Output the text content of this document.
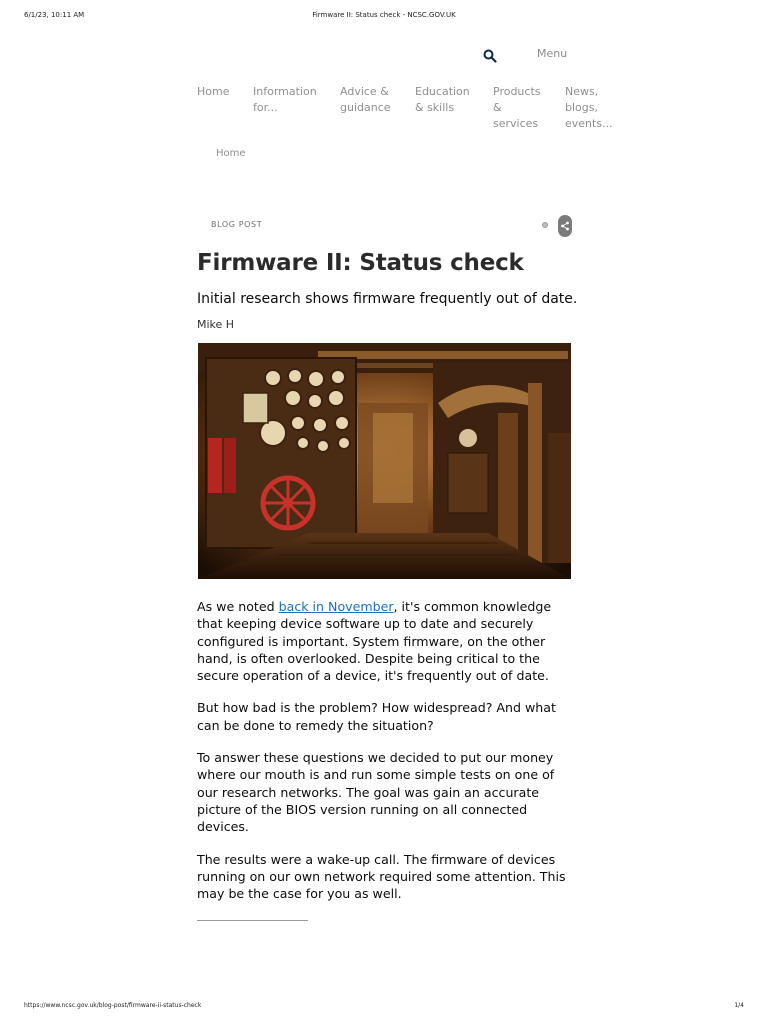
6/1/23, 10:11 AM	Firmware II: Status check - NCSC.GOV.UK
Menu
Home Information
for...
Advice &
guidance
Education
& skills
Products
&
services
News,
blogs,
events...
Home
BLOG POST
Firmware II: Status check
Initial research shows firmware frequently out of date.
Mike H

As we noted back in November, it's common knowledge that keeping device software up to date and securely configured is important. System firmware, on the other hand, is often overlooked. Despite being critical to the secure operation of a device, it's frequently out of date.

But how bad is the problem? How widespread? And what can be done to remedy the situation?

To answer these questions we decided to put our money where our mouth is and run some simple tests on one of our research networks. The goal was gain an accurate picture of the BIOS version running on all connected devices.

The results were a wake-up call. The firmware of devices running on our own network required some attention. This may be the case for you as well.

https://www.ncsc.gov.uk/blog-post/firmware-ii-status-check	1/4
